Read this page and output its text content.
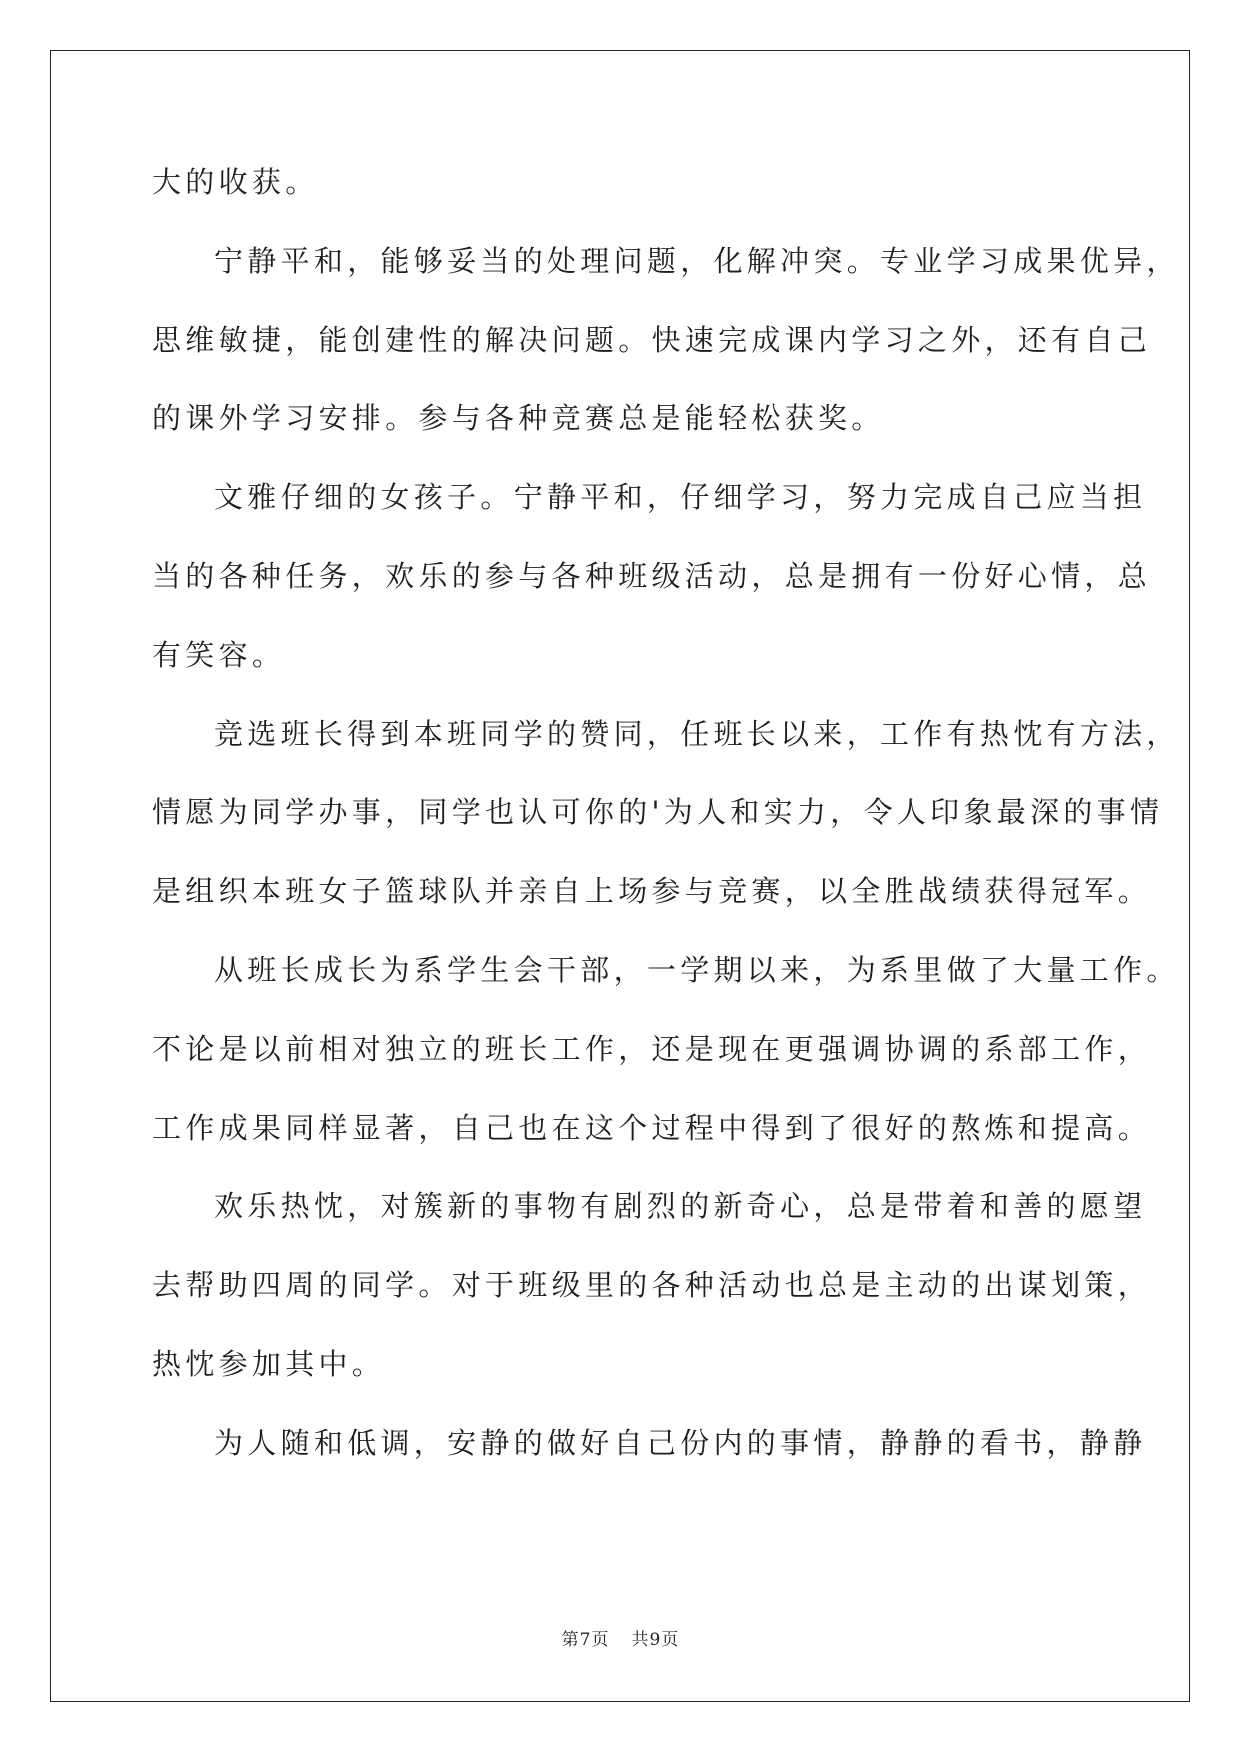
大的收获。
宁静平和，能够妥当的处理问题，化解冲突。专业学习成果优异，
思维敏捷，能创建性的解决问题。快速完成课内学习之外，还有自己
的课外学习安排。参与各种竞赛总是能轻松获奖。
文雅仔细的女孩子。宁静平和，仔细学习，努力完成自己应当担
当的各种任务，欢乐的参与各种班级活动，总是拥有一份好心情，总
有笑容。
竞选班长得到本班同学的赞同，任班长以来，工作有热忱有方法，
情愿为同学办事，同学也认可你的'为人和实力，令人印象最深的事情
是组织本班女子篮球队并亲自上场参与竞赛，以全胜战绩获得冠军。
从班长成长为系学生会干部，一学期以来，为系里做了大量工作。
不论是以前相对独立的班长工作，还是现在更强调协调的系部工作，
工作成果同样显著，自己也在这个过程中得到了很好的熬炼和提高。
欢乐热忱，对簇新的事物有剧烈的新奇心，总是带着和善的愿望
去帮助四周的同学。对于班级里的各种活动也总是主动的出谋划策，
热忱参加其中。
为人随和低调，安静的做好自己份内的事情，静静的看书，静静
第7页 共9页
